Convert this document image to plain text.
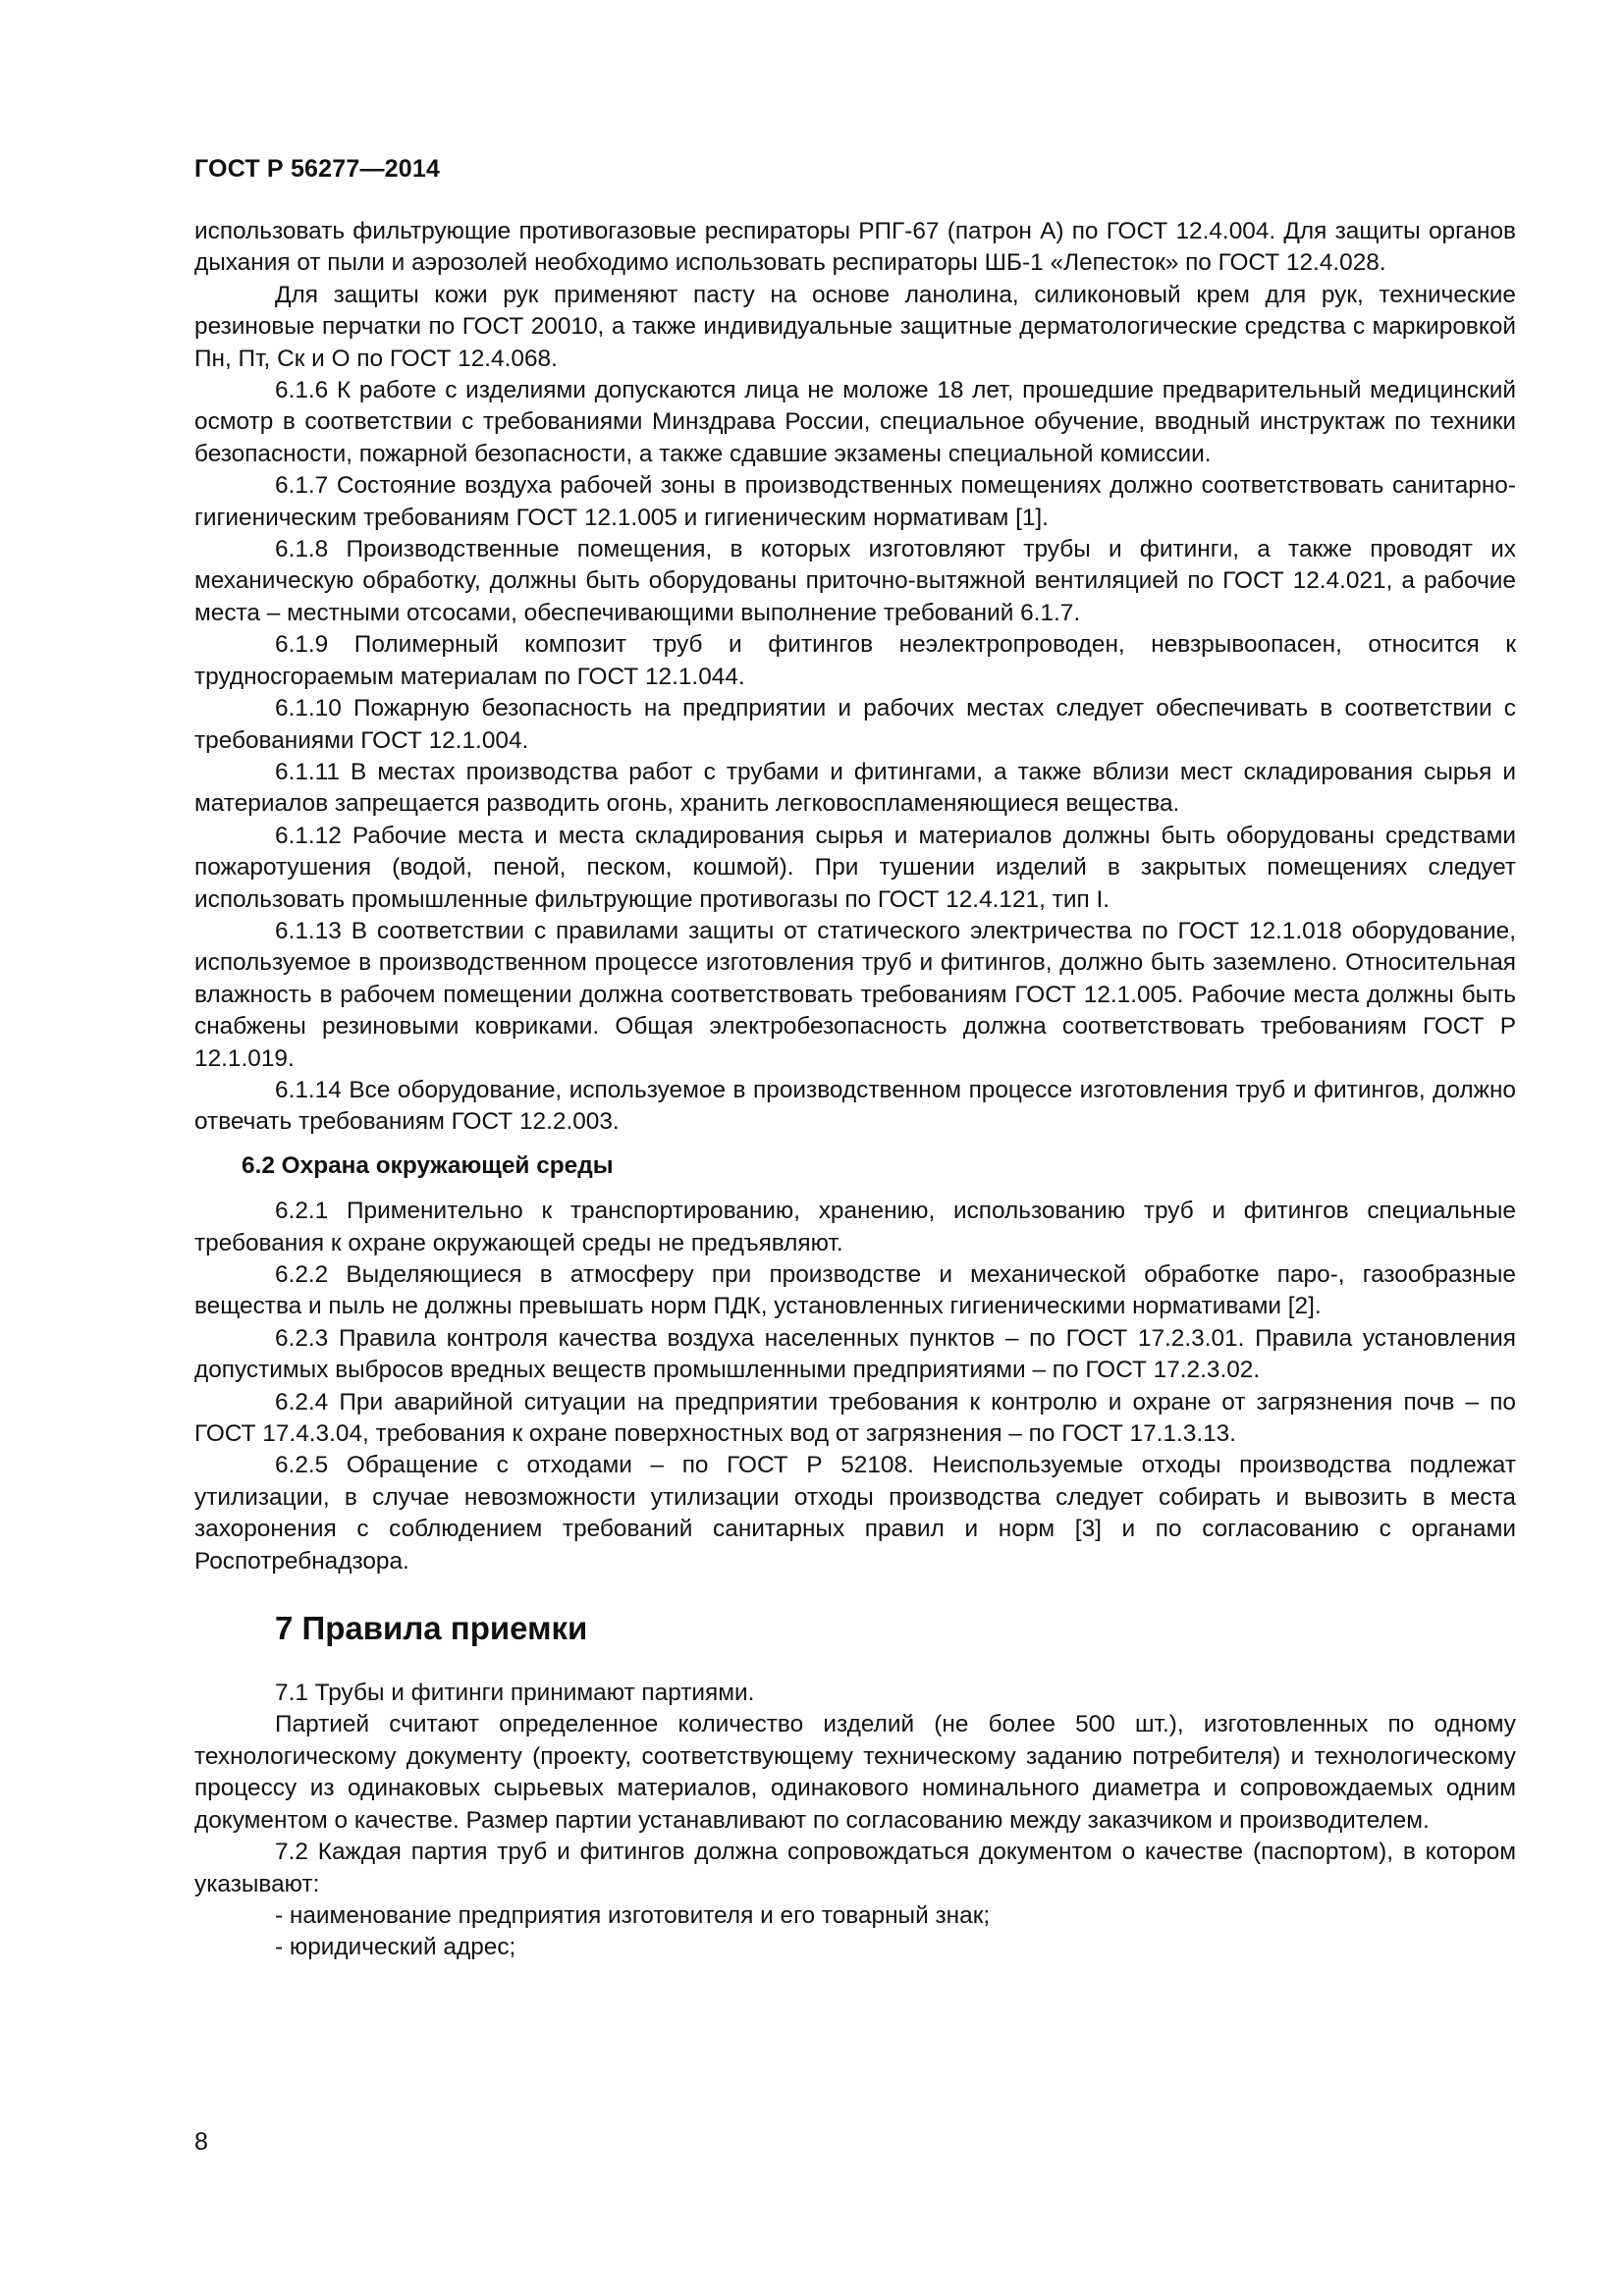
ГОСТ Р 56277—2014

использовать фильтрующие противогазовые респираторы РПГ-67 (патрон А) по ГОСТ 12.4.004. Для защиты органов дыхания от пыли и аэрозолей необходимо использовать респираторы ШБ-1 «Лепесток» по ГОСТ 12.4.028.

Для защиты кожи рук применяют пасту на основе ланолина, силиконовый крем для рук, технические резиновые перчатки по ГОСТ 20010, а также индивидуальные защитные дерматологические средства с маркировкой Пн, Пт, Ск и О по ГОСТ 12.4.068.

6.1.6 К работе с изделиями допускаются лица не моложе 18 лет, прошедшие предварительный медицинский осмотр в соответствии с требованиями Минздрава России, специальное обучение, вводный инструктаж по техники безопасности, пожарной безопасности, а также сдавшие экзамены специальной комиссии.

6.1.7 Состояние воздуха рабочей зоны в производственных помещениях должно соответствовать санитарно-гигиеническим требованиям ГОСТ 12.1.005 и гигиеническим нормативам [1].

6.1.8 Производственные помещения, в которых изготовляют трубы и фитинги, а также проводят их механическую обработку, должны быть оборудованы приточно-вытяжной вентиляцией по ГОСТ 12.4.021, а рабочие места – местными отсосами, обеспечивающими выполнение требований 6.1.7.

6.1.9 Полимерный композит труб и фитингов неэлектропроводен, невзрывоопасен, относится к трудносгораемым материалам по ГОСТ 12.1.044.

6.1.10 Пожарную безопасность на предприятии и рабочих местах следует обеспечивать в соответствии с требованиями ГОСТ 12.1.004.

6.1.11 В местах производства работ с трубами и фитингами, а также вблизи мест складирования сырья и материалов запрещается разводить огонь, хранить легковоспламеняющиеся вещества.

6.1.12 Рабочие места и места складирования сырья и материалов должны быть оборудованы средствами пожаротушения (водой, пеной, песком, кошмой). При тушении изделий в закрытых помещениях следует использовать промышленные фильтрующие противогазы по ГОСТ 12.4.121, тип I.

6.1.13 В соответствии с правилами защиты от статического электричества по ГОСТ 12.1.018 оборудование, используемое в производственном процессе изготовления труб и фитингов, должно быть заземлено. Относительная влажность в рабочем помещении должна соответствовать требованиям ГОСТ 12.1.005. Рабочие места должны быть снабжены резиновыми ковриками. Общая электробезопасность должна соответствовать требованиям ГОСТ Р 12.1.019.

6.1.14 Все оборудование, используемое в производственном процессе изготовления труб и фитингов, должно отвечать требованиям ГОСТ 12.2.003.

6.2 Охрана окружающей среды

6.2.1 Применительно к транспортированию, хранению, использованию труб и фитингов специальные требования к охране окружающей среды не предъявляют.

6.2.2 Выделяющиеся в атмосферу при производстве и механической обработке паро-, газообразные вещества и пыль не должны превышать норм ПДК, установленных гигиеническими нормативами [2].

6.2.3 Правила контроля качества воздуха населенных пунктов – по ГОСТ 17.2.3.01. Правила установления допустимых выбросов вредных веществ промышленными предприятиями – по ГОСТ 17.2.3.02.

6.2.4 При аварийной ситуации на предприятии требования к контролю и охране от загрязнения почв – по ГОСТ 17.4.3.04, требования к охране поверхностных вод от загрязнения – по ГОСТ 17.1.3.13.

6.2.5 Обращение с отходами – по ГОСТ Р 52108. Неиспользуемые отходы производства подлежат утилизации, в случае невозможности утилизации отходы производства следует собирать и вывозить в места захоронения с соблюдением требований санитарных правил и норм [3] и по согласованию с органами Роспотребнадзора.

7 Правила приемки

7.1 Трубы и фитинги принимают партиями.

Партией считают определенное количество изделий (не более 500 шт.), изготовленных по одному технологическому документу (проекту, соответствующему техническому заданию потребителя) и технологическому процессу из одинаковых сырьевых материалов, одинакового номинального диаметра и сопровождаемых одним документом о качестве. Размер партии устанавливают по согласованию между заказчиком и производителем.

7.2 Каждая партия труб и фитингов должна сопровождаться документом о качестве (паспортом), в котором указывают:

- наименование предприятия изготовителя и его товарный знак;

- юридический адрес;

8
